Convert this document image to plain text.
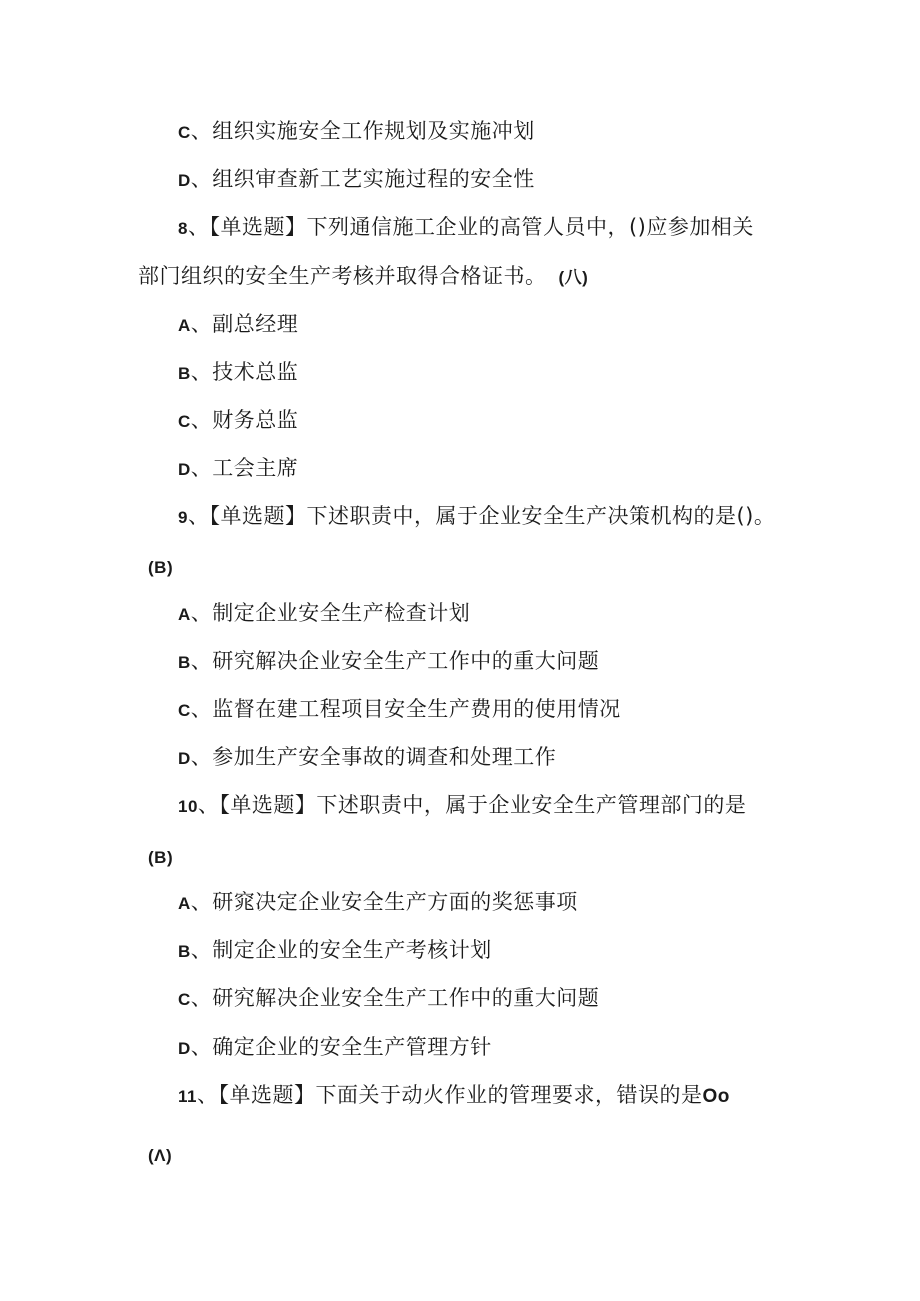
C、组织实施安全工作规划及实施冲划
D、组织审查新工艺实施过程的安全性
8、【单选题】下列通信施工企业的高管人员中，()应参加相关
部门组织的安全生产考核并取得合格证书。 (八)
A、副总经理
B、技术总监
C、财务总监
D、工会主席
9、【单选题】下述职责中，属于企业安全生产决策机构的是()。
(B)
A、制定企业安全生产检查计划
B、研究解决企业安全生产工作中的重大问题
C、监督在建工程项目安全生产费用的使用情况
D、参加生产安全事故的调查和处理工作
10、【单选题】下述职责中，属于企业安全生产管理部门的是
(B)
A、研窕决定企业安全生产方面的奖惩事项
B、制定企业的安全生产考核计划
C、研究解决企业安全生产工作中的重大问题
D、确定企业的安全生产管理方针
11、【单选题】下面关于动火作业的管理要求，错误的是Oo
(Λ)
